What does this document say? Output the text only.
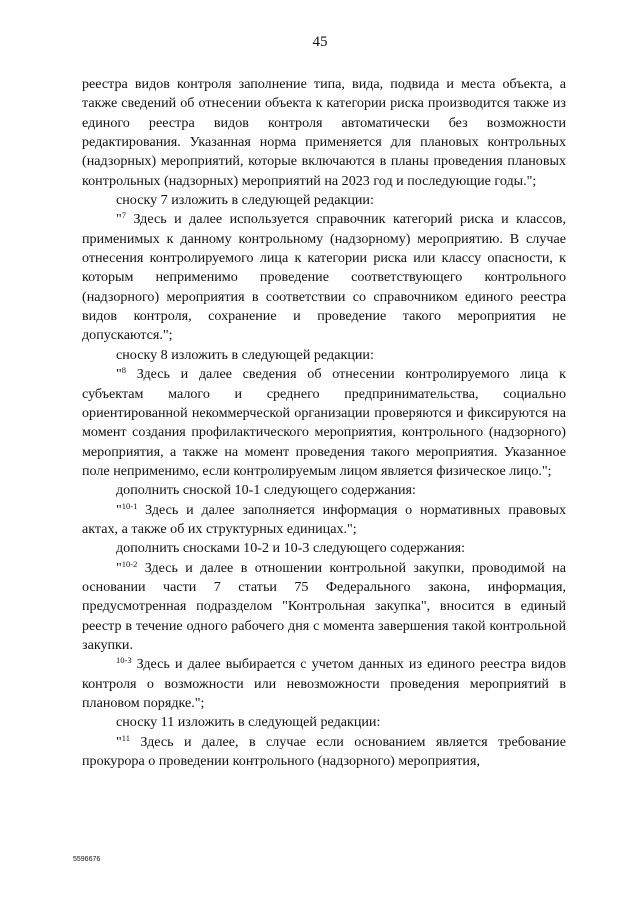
45

реестра видов контроля заполнение типа, вида, подвида и места объекта, а также сведений об отнесении объекта к категории риска производится также из единого реестра видов контроля автоматически без возможности редактирования. Указанная норма применяется для плановых контрольных (надзорных) мероприятий, которые включаются в планы проведения плановых контрольных (надзорных) мероприятий на 2023 год и последующие годы.";

сноску 7 изложить в следующей редакции:

"$^7$ Здесь и далее используется справочник категорий риска и классов, применимых к данному контрольному (надзорному) мероприятию. В случае отнесения контролируемого лица к категории риска или классу опасности, к которым неприменимо проведение соответствующего контрольного (надзорного) мероприятия в соответствии со справочником единого реестра видов контроля, сохранение и проведение такого мероприятия не допускаются.";

сноску 8 изложить в следующей редакции:

"$^8$ Здесь и далее сведения об отнесении контролируемого лица к субъектам малого и среднего предпринимательства, социально ориентированной некоммерческой организации проверяются и фиксируются на момент создания профилактического мероприятия, контрольного (надзорного) мероприятия, а также на момент проведения такого мероприятия. Указанное поле неприменимо, если контролируемым лицом является физическое лицо.";

дополнить сноской 10-1 следующего содержания:

"$^{10-1}$ Здесь и далее заполняется информация о нормативных правовых актах, а также об их структурных единицах.";

дополнить сносками 10-2 и 10-3 следующего содержания:

"$^{10-2}$ Здесь и далее в отношении контрольной закупки, проводимой на основании части 7 статьи 75 Федерального закона, информация, предусмотренная подразделом "Контрольная закупка", вносится в единый реестр в течение одного рабочего дня с момента завершения такой контрольной закупки.

$^{10-3}$ Здесь и далее выбирается с учетом данных из единого реестра видов контроля о возможности или невозможности проведения мероприятий в плановом порядке.";

сноску 11 изложить в следующей редакции:

"$^{11}$ Здесь и далее, в случае если основанием является требование прокурора о проведении контрольного (надзорного) мероприятия,

5596676
